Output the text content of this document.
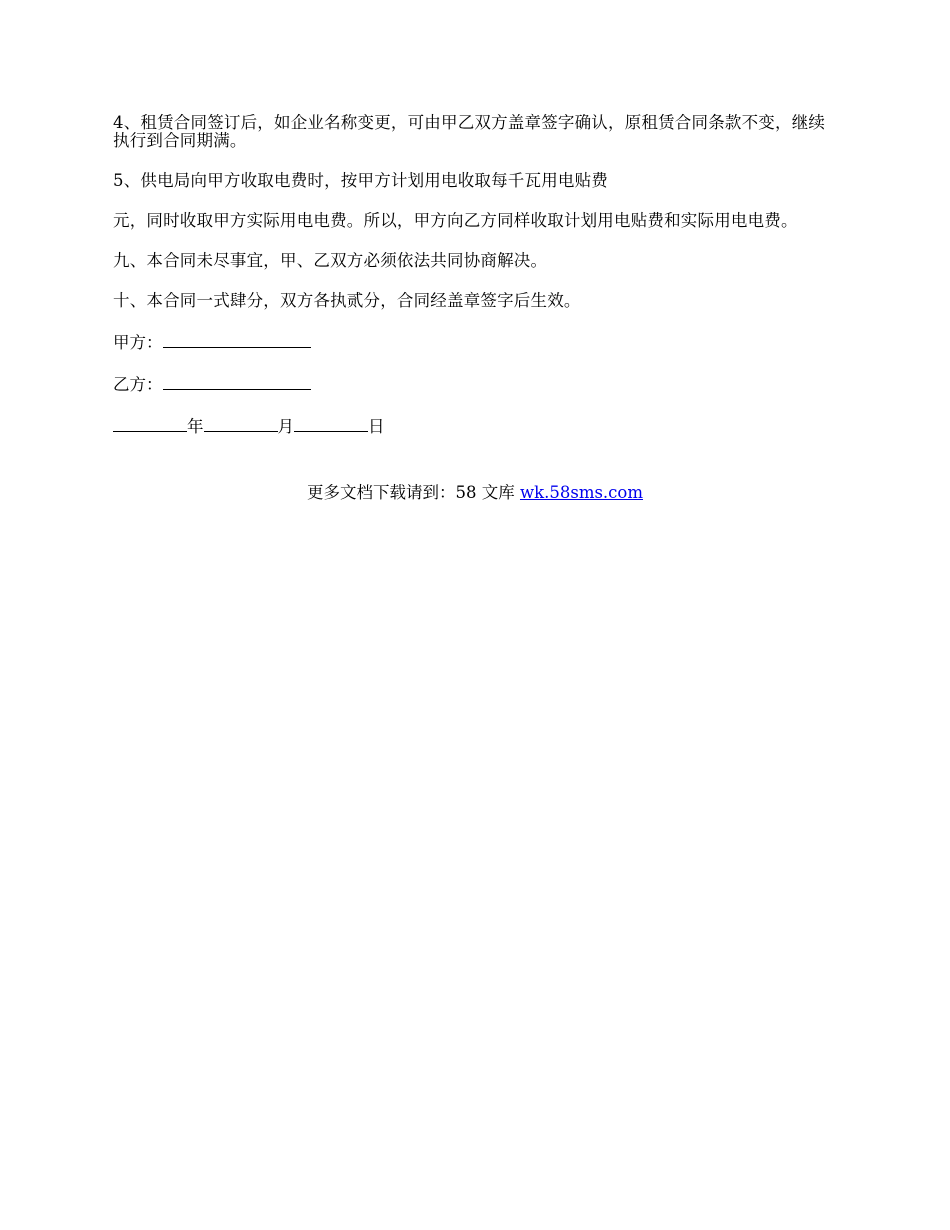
4、租赁合同签订后，如企业名称变更，可由甲乙双方盖章签字确认，原租赁合同条款不变，继续执行到合同期满。

5、供电局向甲方收取电费时，按甲方计划用电收取每千瓦用电贴费

元，同时收取甲方实际用电电费。所以，甲方向乙方同样收取计划用电贴费和实际用电电费。

九、本合同未尽事宜，甲、乙双方必须依法共同协商解决。

十、本合同一式肆分，双方各执贰分，合同经盖章签字后生效。

甲方：
乙方：
年	月	日
更多文档下载请到：58 文库 wk.58sms.com
